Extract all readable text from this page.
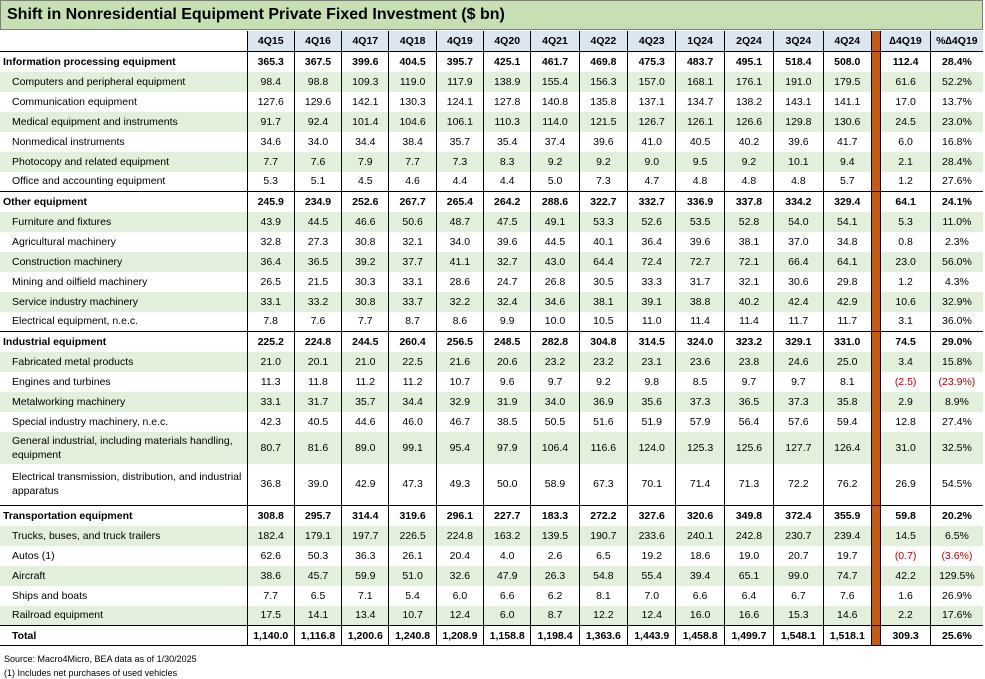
Shift in Nonresidential Equipment Private Fixed Investment ($ bn)
	4Q15	4Q16	4Q17	4Q18	4Q19	4Q20	4Q21	4Q22	4Q23	1Q24	2Q24	3Q24	4Q24		∆4Q19	%∆4Q19
Information processing equipment	365.3	367.5	399.6	404.5	395.7	425.1	461.7	469.8	475.3	483.7	495.1	518.4	508.0		112.4	28.4%
Computers and peripheral equipment	98.4	98.8	109.3	119.0	117.9	138.9	155.4	156.3	157.0	168.1	176.1	191.0	179.5		61.6	52.2%
Communication equipment	127.6	129.6	142.1	130.3	124.1	127.8	140.8	135.8	137.1	134.7	138.2	143.1	141.1		17.0	13.7%
Medical equipment and instruments	91.7	92.4	101.4	104.6	106.1	110.3	114.0	121.5	126.7	126.1	126.6	129.8	130.6		24.5	23.0%
Nonmedical instruments	34.6	34.0	34.4	38.4	35.7	35.4	37.4	39.6	41.0	40.5	40.2	39.6	41.7		6.0	16.8%
Photocopy and related equipment	7.7	7.6	7.9	7.7	7.3	8.3	9.2	9.2	9.0	9.5	9.2	10.1	9.4		2.1	28.4%
Office and accounting equipment	5.3	5.1	4.5	4.6	4.4	4.4	5.0	7.3	4.7	4.8	4.8	4.8	5.7		1.2	27.6%
Other equipment	245.9	234.9	252.6	267.7	265.4	264.2	288.6	322.7	332.7	336.9	337.8	334.2	329.4		64.1	24.1%
Furniture and fixtures	43.9	44.5	46.6	50.6	48.7	47.5	49.1	53.3	52.6	53.5	52.8	54.0	54.1		5.3	11.0%
Agricultural machinery	32.8	27.3	30.8	32.1	34.0	39.6	44.5	40.1	36.4	39.6	38.1	37.0	34.8		0.8	2.3%
Construction machinery	36.4	36.5	39.2	37.7	41.1	32.7	43.0	64.4	72.4	72.7	72.1	66.4	64.1		23.0	56.0%
Mining and oilfield machinery	26.5	21.5	30.3	33.1	28.6	24.7	26.8	30.5	33.3	31.7	32.1	30.6	29.8		1.2	4.3%
Service industry machinery	33.1	33.2	30.8	33.7	32.2	32.4	34.6	38.1	39.1	38.8	40.2	42.4	42.9		10.6	32.9%
Electrical equipment, n.e.c.	7.8	7.6	7.7	8.7	8.6	9.9	10.0	10.5	11.0	11.4	11.4	11.7	11.7		3.1	36.0%
Industrial equipment	225.2	224.8	244.5	260.4	256.5	248.5	282.8	304.8	314.5	324.0	323.2	329.1	331.0		74.5	29.0%
Fabricated metal products	21.0	20.1	21.0	22.5	21.6	20.6	23.2	23.2	23.1	23.6	23.8	24.6	25.0		3.4	15.8%
Engines and turbines	11.3	11.8	11.2	11.2	10.7	9.6	9.7	9.2	9.8	8.5	9.7	9.7	8.1		(2.5)	(23.9%)
Metalworking machinery	33.1	31.7	35.7	34.4	32.9	31.9	34.0	36.9	35.6	37.3	36.5	37.3	35.8		2.9	8.9%
Special industry machinery, n.e.c.	42.3	40.5	44.6	46.0	46.7	38.5	50.5	51.6	51.9	57.9	56.4	57.6	59.4		12.8	27.4%
General industrial, including materials handling, equipment	80.7	81.6	89.0	99.1	95.4	97.9	106.4	116.6	124.0	125.3	125.6	127.7	126.4		31.0	32.5%
Electrical transmission, distribution, and industrial apparatus	36.8	39.0	42.9	47.3	49.3	50.0	58.9	67.3	70.1	71.4	71.3	72.2	76.2		26.9	54.5%
Transportation equipment	308.8	295.7	314.4	319.6	296.1	227.7	183.3	272.2	327.6	320.6	349.8	372.4	355.9		59.8	20.2%
Trucks, buses, and truck trailers	182.4	179.1	197.7	226.5	224.8	163.2	139.5	190.7	233.6	240.1	242.8	230.7	239.4		14.5	6.5%
Autos (1)	62.6	50.3	36.3	26.1	20.4	4.0	2.6	6.5	19.2	18.6	19.0	20.7	19.7		(0.7)	(3.6%)
Aircraft	38.6	45.7	59.9	51.0	32.6	47.9	26.3	54.8	55.4	39.4	65.1	99.0	74.7		42.2	129.5%
Ships and boats	7.7	6.5	7.1	5.4	6.0	6.6	6.2	8.1	7.0	6.6	6.4	6.7	7.6		1.6	26.9%
Railroad equipment	17.5	14.1	13.4	10.7	12.4	6.0	8.7	12.2	12.4	16.0	16.6	15.3	14.6		2.2	17.6%
Total	1,140.0	1,116.8	1,200.6	1,240.8	1,208.9	1,158.8	1,198.4	1,363.6	1,443.9	1,458.8	1,499.7	1,548.1	1,518.1		309.3	25.6%
Source: Macro4Micro, BEA data as of 1/30/2025
(1) Includes net purchases of used vehicles
